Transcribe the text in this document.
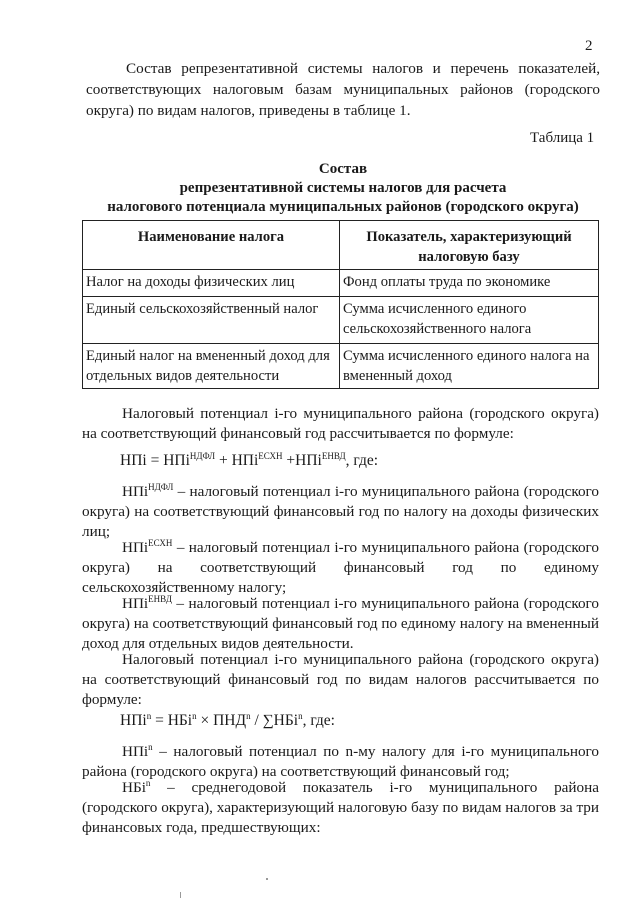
2

Состав репрезентативной системы налогов и перечень показателей, соответствующих налоговым базам муниципальных районов (городского округа) по видам налогов, приведены в таблице 1.

Таблица 1

Состав
репрезентативной системы налогов для расчета
налогового потенциала муниципальных районов (городского округа)

Наименование налога	Показатель, характеризующий налоговую базу
Налог на доходы физических лиц	Фонд оплаты труда по экономике
Единый сельскохозяйственный налог	Сумма исчисленного единого сельскохозяйственного налога
Единый налог на вмененный доход для отдельных видов деятельности	Сумма исчисленного единого налога на вмененный доход

Налоговый потенциал i-го муниципального района (городского округа) на соответствующий финансовый год рассчитывается по формуле:

НПi = НПi$^{НДФЛ}$ + НПi$^{ЕСХН}$ +НПi$^{ЕНВД}$, где:

НПi$^{НДФЛ}$ – налоговый потенциал i-го муниципального района (городского округа) на соответствующий финансовый год по налогу на доходы физических лиц;

НПi$^{ЕСХН}$ – налоговый потенциал i-го муниципального района (городского округа) на соответствующий финансовый год по единому сельскохозяйственному налогу;

НПi$^{ЕНВД}$ – налоговый потенциал i-го муниципального района (городского округа) на соответствующий финансовый год по единому налогу на вмененный доход для отдельных видов деятельности.

Налоговый потенциал i-го муниципального района (городского округа) на соответствующий финансовый год по видам налогов рассчитывается по формуле:

$НПi^n = НБi^n \times ПНД^n / \sum НБi^n$, где:

НПi$^n$ – налоговый потенциал по n-му налогу для i-го муниципального района (городского округа) на соответствующий финансовый год;

НБi$^n$ – среднегодовой показатель i-го муниципального района (городского округа), характеризующий налоговую базу по видам налогов за три финансовых года, предшествующих:
